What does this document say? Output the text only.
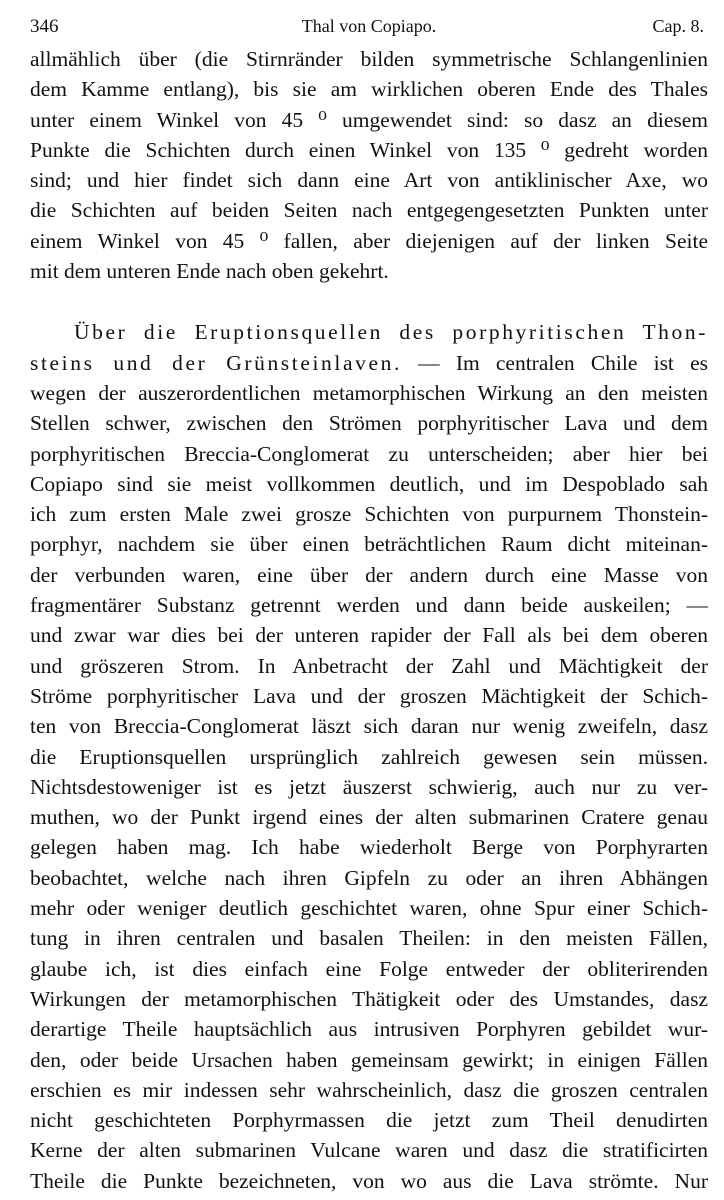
346	Thal von Copiapo.	Cap. 8.
allmählich über (die Stirnränder bilden symmetrische Schlangenlinien
dem Kamme entlang), bis sie am wirklichen oberen Ende des Thales
unter einem Winkel von 45 ⁰ umgewendet sind: so dasz an diesem
Punkte die Schichten durch einen Winkel von 135 ⁰ gedreht worden
sind; und hier findet sich dann eine Art von antiklinischer Axe, wo
die Schichten auf beiden Seiten nach entgegengesetzten Punkten unter
einem Winkel von 45 ⁰ fallen, aber diejenigen auf der linken Seite
mit dem unteren Ende nach oben gekehrt.
Über die Eruptionsquellen des porphyritischen Thon-
steins und der Grünsteinlaven. — Im centralen Chile ist es
wegen der auszerordentlichen metamorphischen Wirkung an den meisten
Stellen schwer, zwischen den Strömen porphyritischer Lava und dem
porphyritischen Breccia-Conglomerat zu unterscheiden; aber hier bei
Copiapo sind sie meist vollkommen deutlich, und im Despoblado sah
ich zum ersten Male zwei grosze Schichten von purpurnem Thonstein-
porphyr, nachdem sie über einen beträchtlichen Raum dicht miteinan-
der verbunden waren, eine über der andern durch eine Masse von
fragmentärer Substanz getrennt werden und dann beide auskeilen; —
und zwar war dies bei der unteren rapider der Fall als bei dem oberen
und gröszeren Strom. In Anbetracht der Zahl und Mächtigkeit der
Ströme porphyritischer Lava und der groszen Mächtigkeit der Schich-
ten von Breccia-Conglomerat läszt sich daran nur wenig zweifeln, dasz
die Eruptionsquellen ursprünglich zahlreich gewesen sein müssen.
Nichtsdestoweniger ist es jetzt äuszerst schwierig, auch nur zu ver-
muthen, wo der Punkt irgend eines der alten submarinen Cratere genau
gelegen haben mag. Ich habe wiederholt Berge von Porphyrarten
beobachtet, welche nach ihren Gipfeln zu oder an ihren Abhängen
mehr oder weniger deutlich geschichtet waren, ohne Spur einer Schich-
tung in ihren centralen und basalen Theilen: in den meisten Fällen,
glaube ich, ist dies einfach eine Folge entweder der obliterirenden
Wirkungen der metamorphischen Thätigkeit oder des Umstandes, dasz
derartige Theile hauptsächlich aus intrusiven Porphyren gebildet wur-
den, oder beide Ursachen haben gemeinsam gewirkt; in einigen Fällen
erschien es mir indessen sehr wahrscheinlich, dasz die groszen centralen
nicht geschichteten Porphyrmassen die jetzt zum Theil denudirten
Kerne der alten submarinen Vulcane waren und dasz die stratificirten
Theile die Punkte bezeichneten, von wo aus die Lava strömte. Nur
